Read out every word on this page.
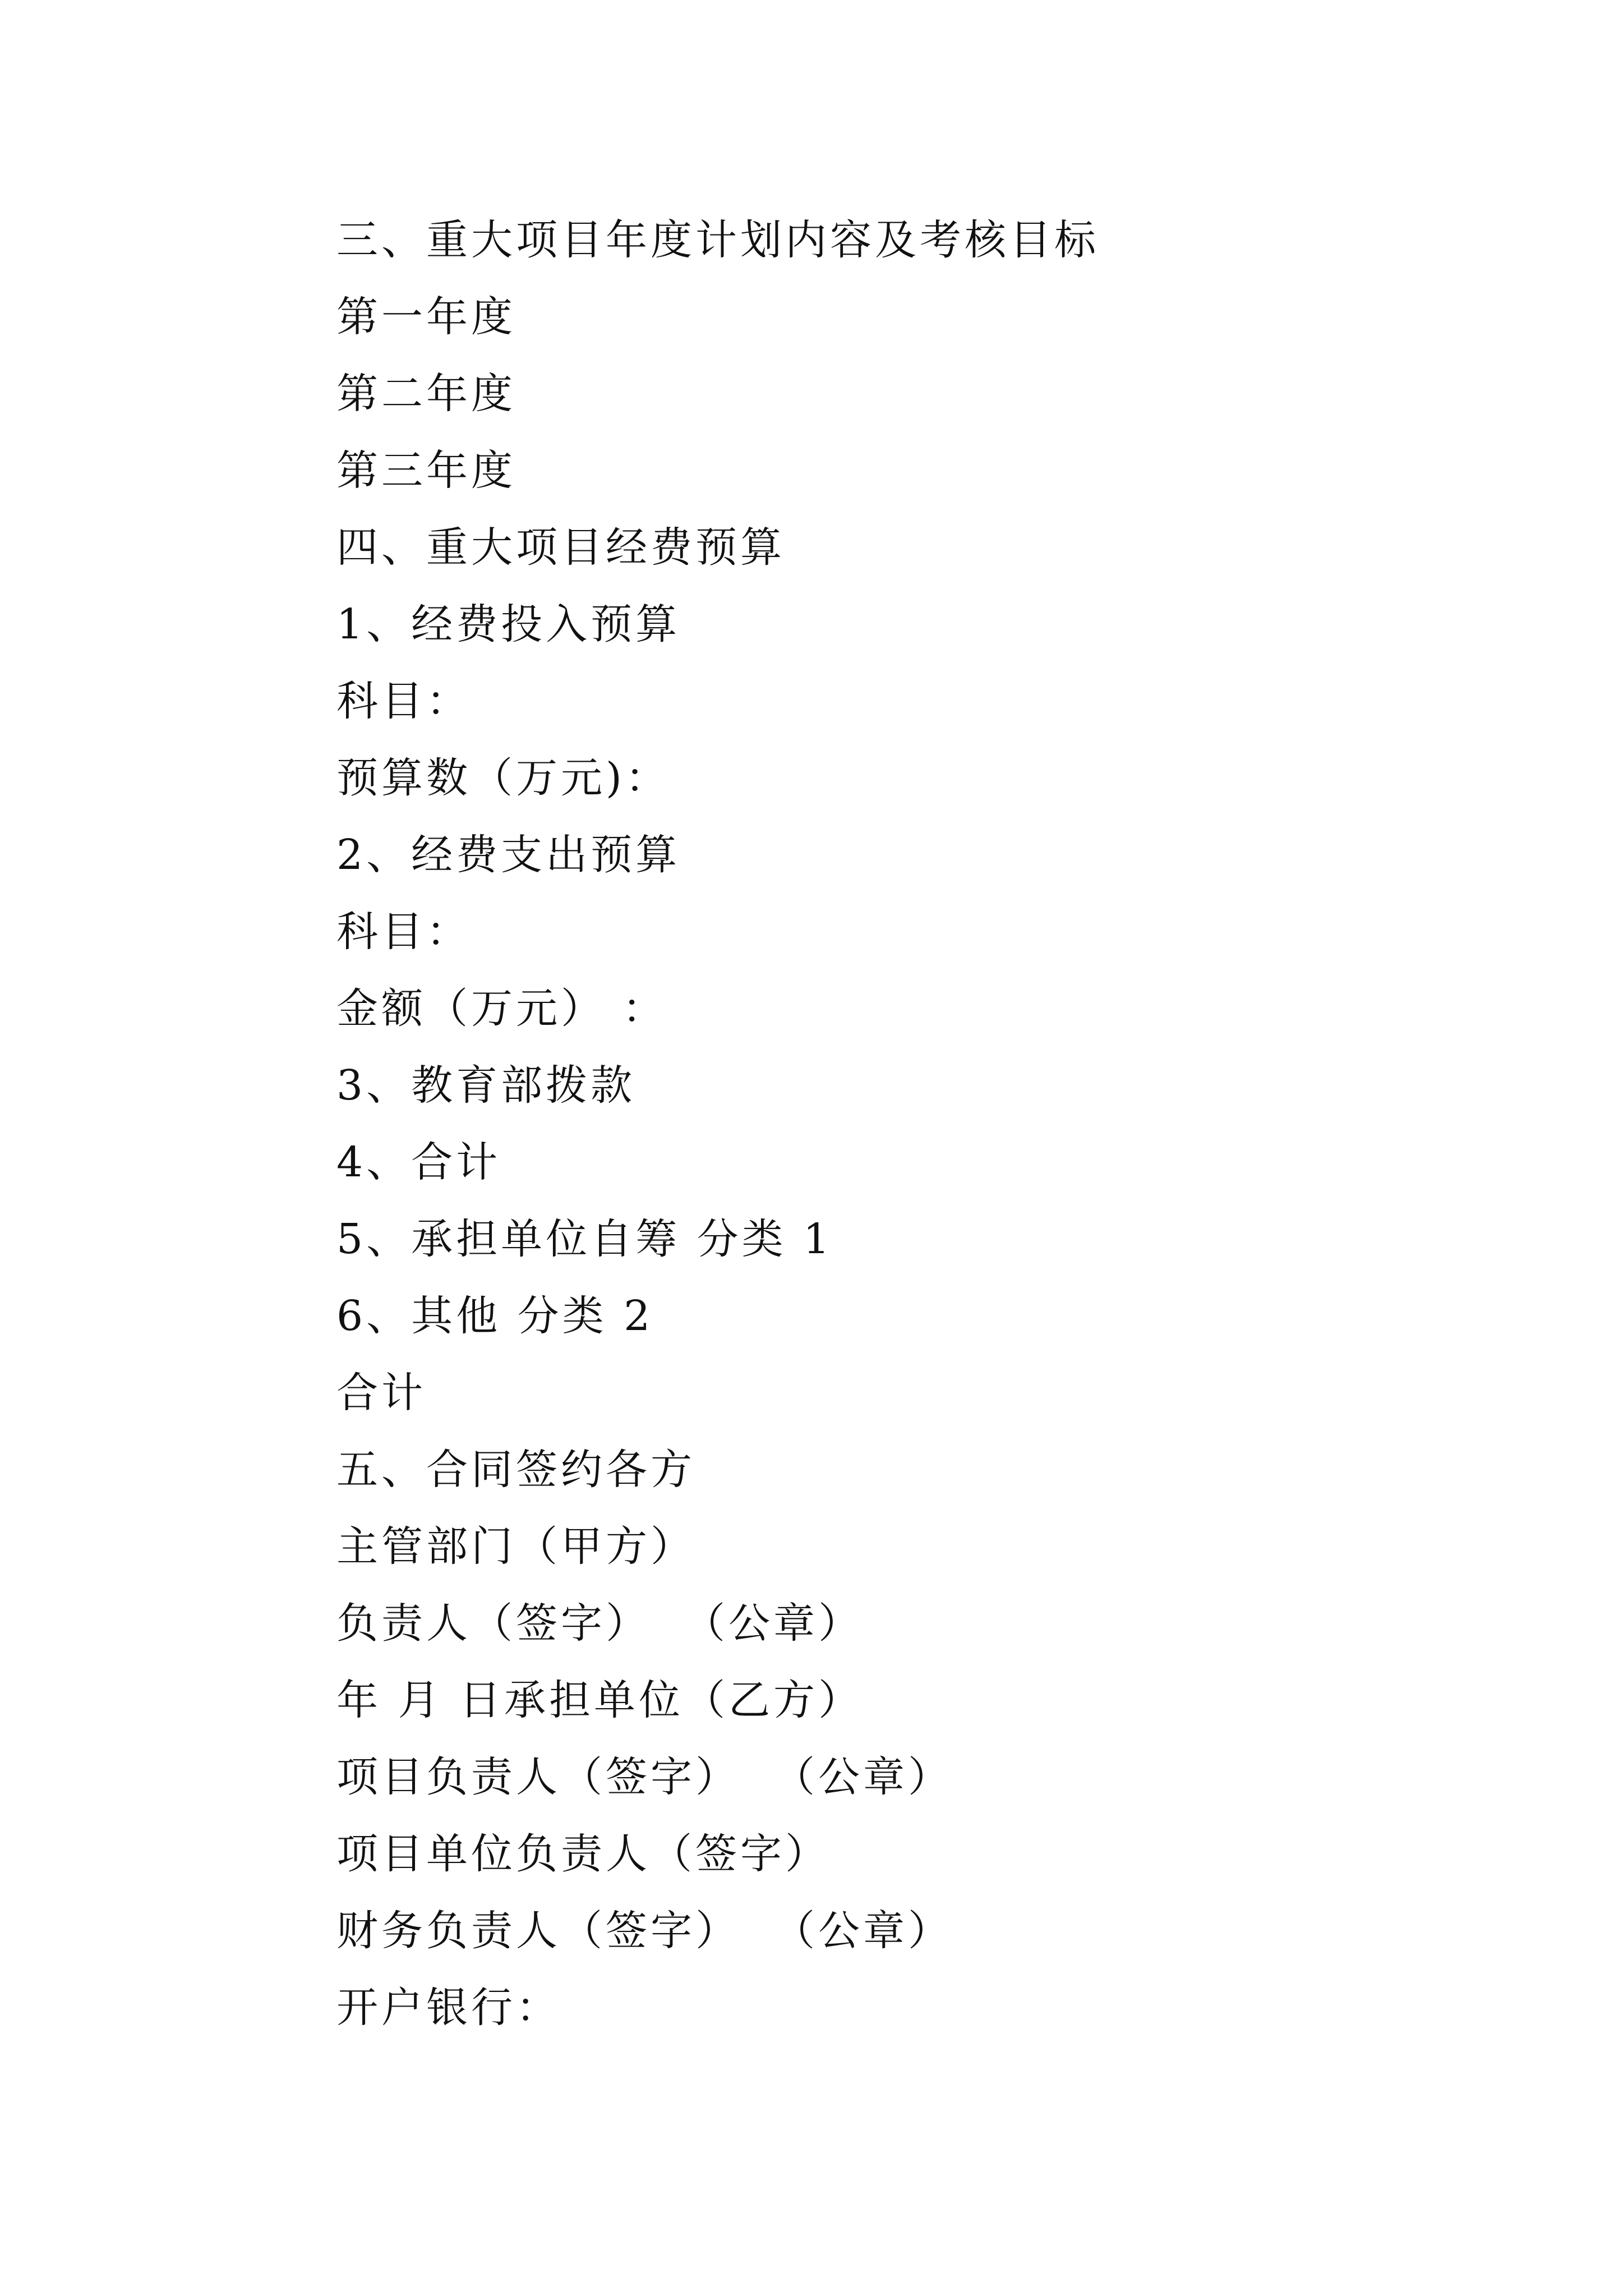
三、重大项目年度计划内容及考核目标
第一年度
第二年度
第三年度
四、重大项目经费预算
1、经费投入预算
科目：
预算数（万元)：
2、经费支出预算
科目：
金额（万元） ：
3、教育部拨款
4、合计
5、承担单位自筹 分类 1
6、其他 分类 2
合计
五、合同签约各方
主管部门（甲方）
负责人（签字）  （公章）
年 月 日承担单位（乙方）
项目负责人（签字）  （公章）
项目单位负责人（签字）
财务负责人（签字）  （公章）
开户银行：
